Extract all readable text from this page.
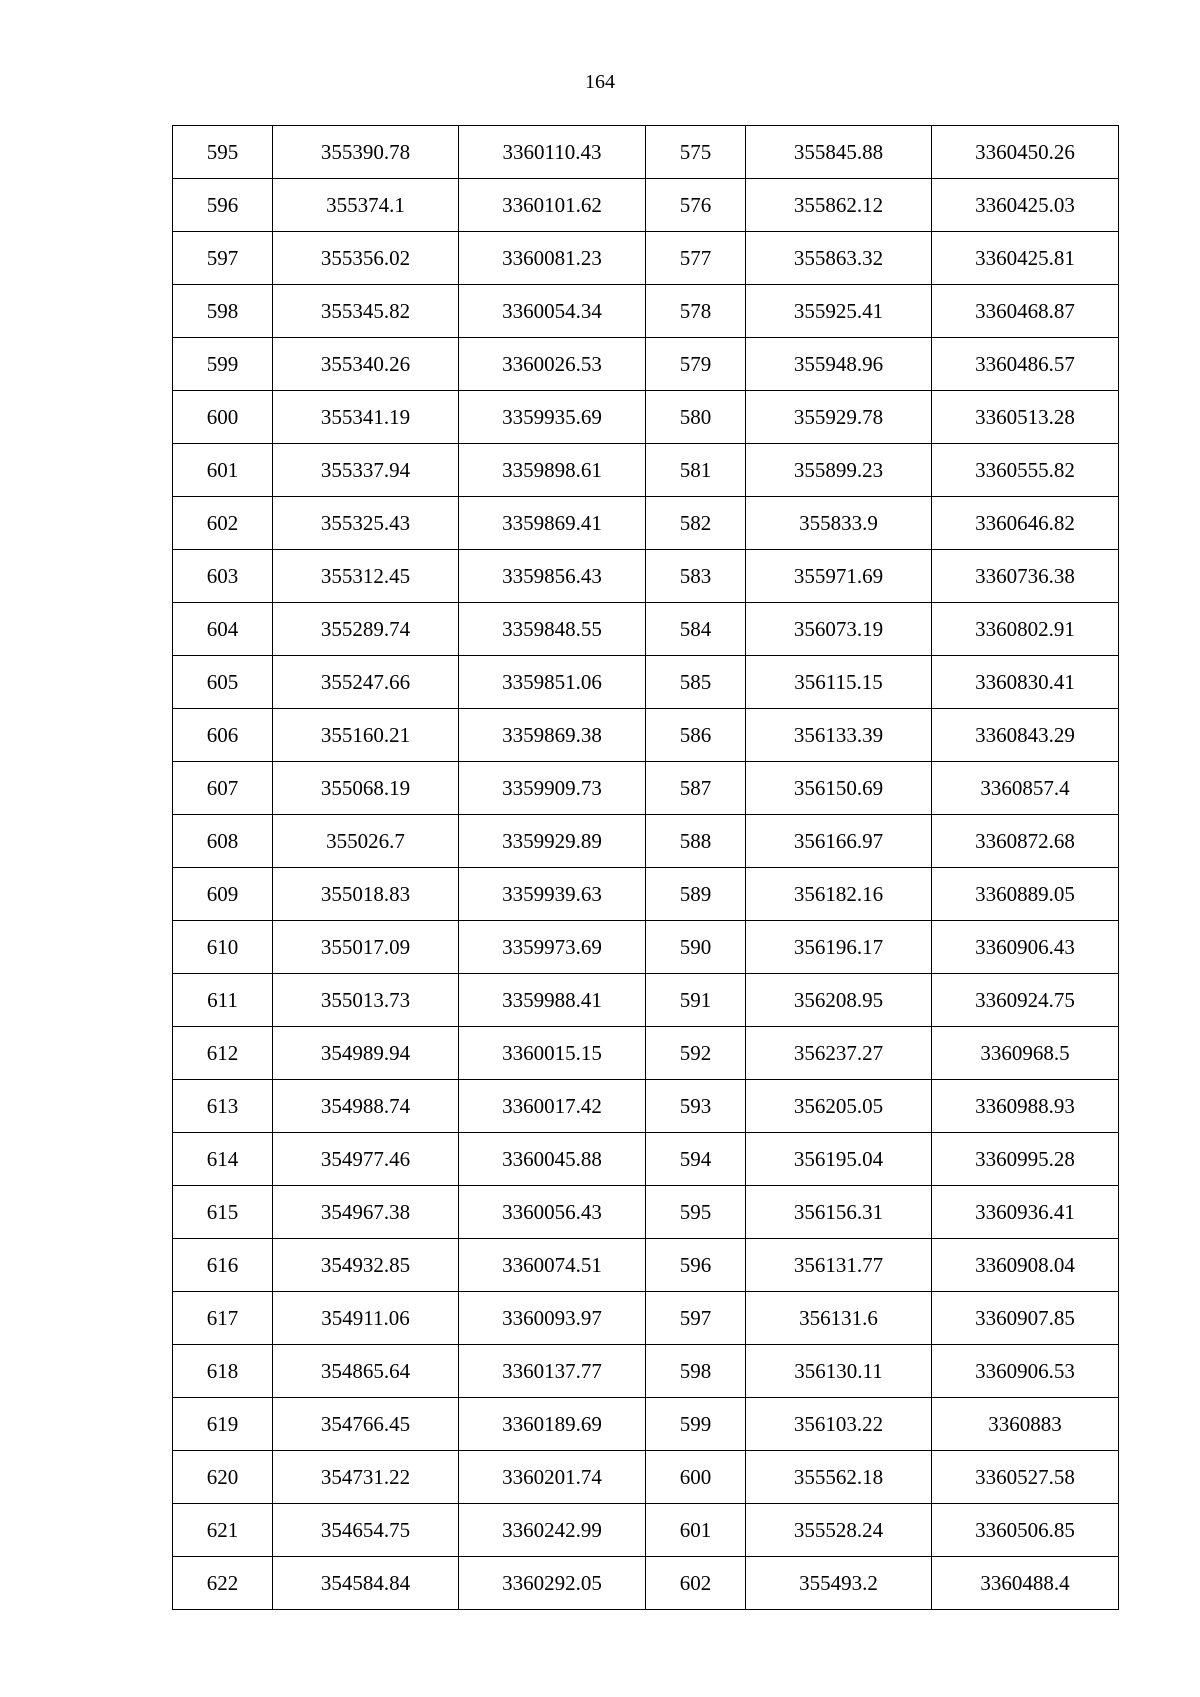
164
595	355390.78	3360110.43	575	355845.88	3360450.26
596	355374.1	3360101.62	576	355862.12	3360425.03
597	355356.02	3360081.23	577	355863.32	3360425.81
598	355345.82	3360054.34	578	355925.41	3360468.87
599	355340.26	3360026.53	579	355948.96	3360486.57
600	355341.19	3359935.69	580	355929.78	3360513.28
601	355337.94	3359898.61	581	355899.23	3360555.82
602	355325.43	3359869.41	582	355833.9	3360646.82
603	355312.45	3359856.43	583	355971.69	3360736.38
604	355289.74	3359848.55	584	356073.19	3360802.91
605	355247.66	3359851.06	585	356115.15	3360830.41
606	355160.21	3359869.38	586	356133.39	3360843.29
607	355068.19	3359909.73	587	356150.69	3360857.4
608	355026.7	3359929.89	588	356166.97	3360872.68
609	355018.83	3359939.63	589	356182.16	3360889.05
610	355017.09	3359973.69	590	356196.17	3360906.43
611	355013.73	3359988.41	591	356208.95	3360924.75
612	354989.94	3360015.15	592	356237.27	3360968.5
613	354988.74	3360017.42	593	356205.05	3360988.93
614	354977.46	3360045.88	594	356195.04	3360995.28
615	354967.38	3360056.43	595	356156.31	3360936.41
616	354932.85	3360074.51	596	356131.77	3360908.04
617	354911.06	3360093.97	597	356131.6	3360907.85
618	354865.64	3360137.77	598	356130.11	3360906.53
619	354766.45	3360189.69	599	356103.22	3360883
620	354731.22	3360201.74	600	355562.18	3360527.58
621	354654.75	3360242.99	601	355528.24	3360506.85
622	354584.84	3360292.05	602	355493.2	3360488.4
